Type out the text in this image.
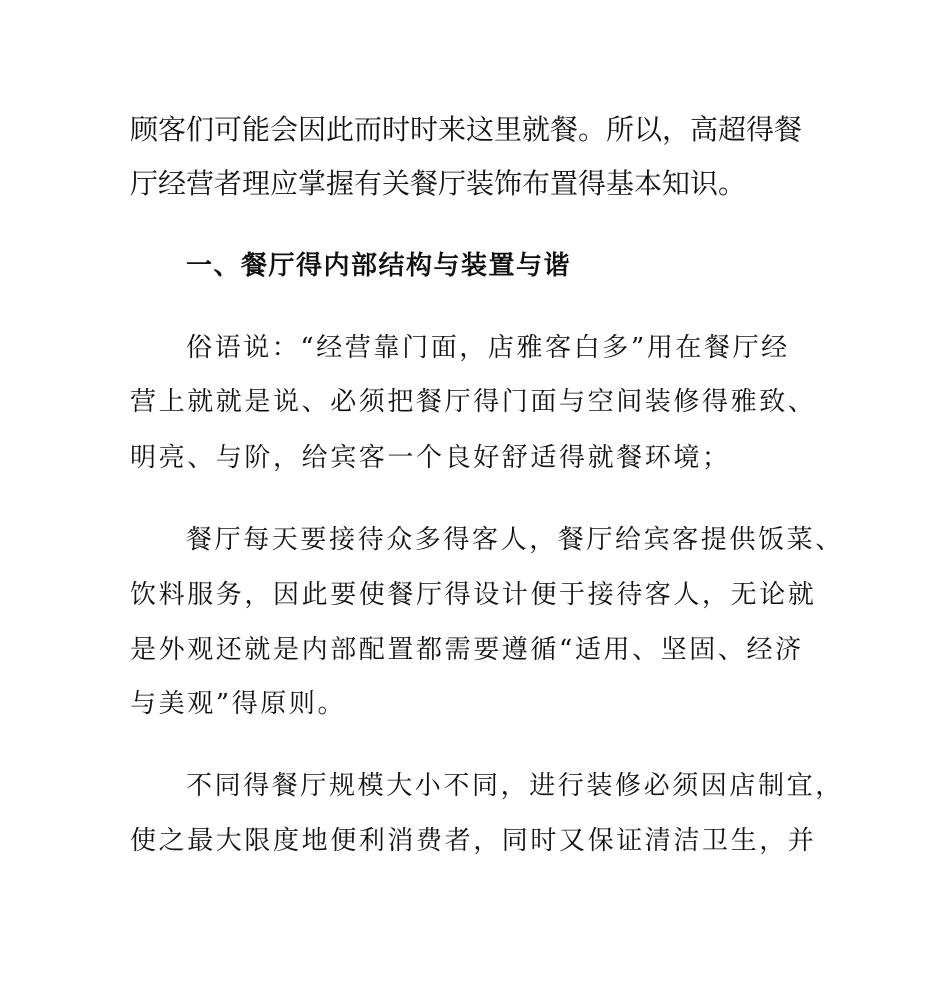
顾客们可能会因此而时时来这里就餐。所以，高超得餐
厅经营者理应掌握有关餐厅装饰布置得基本知识。
一、餐厅得内部结构与装置与谐
俗语说：“经营靠门面，店雅客白多”用在餐厅经
营上就就是说、必须把餐厅得门面与空间装修得雅致、
明亮、与阶，给宾客一个良好舒适得就餐环境；
餐厅每天要接待众多得客人，餐厅给宾客提供饭菜、
饮料服务，因此要使餐厅得设计便于接待客人，无论就
是外观还就是内部配置都需要遵循“适用、坚固、经济
与美观”得原则。
不同得餐厅规模大小不同，进行装修必须因店制宜，
使之最大限度地便利消费者，同时又保证清洁卫生，并
